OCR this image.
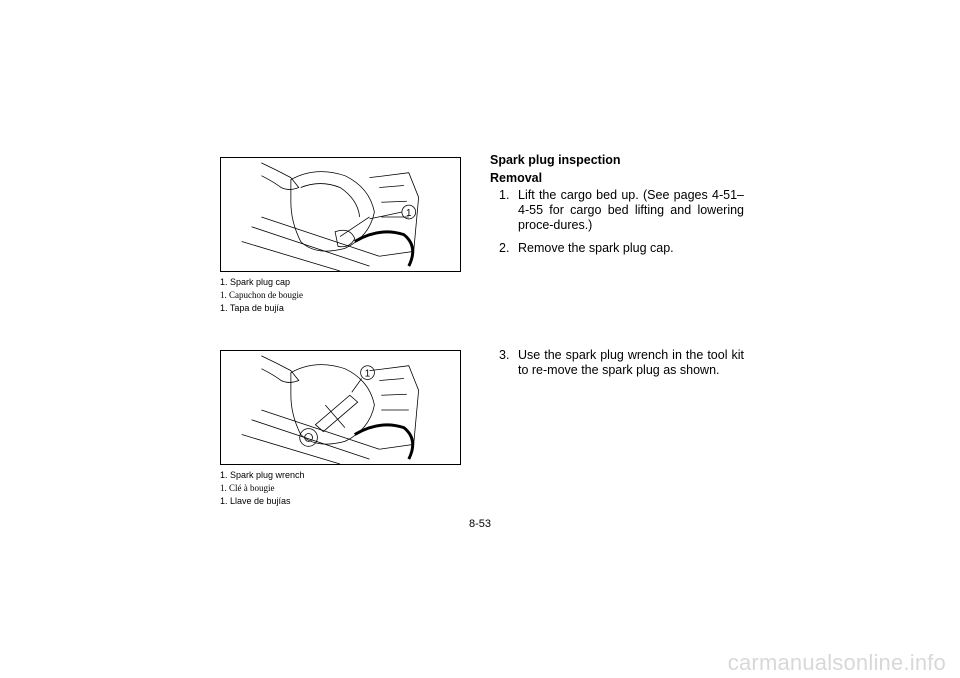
1
1. Spark plug cap
1. Capuchon de bougie
1. Tapa de bujía
1
1. Spark plug wrench
1. Clé à bougie
1. Llave de bujías
Spark plug inspection
Removal
1. Lift the cargo bed up. (See pages 4-51–4-55 for cargo bed lifting and lowering proce-dures.)
2. Remove the spark plug cap.
3. Use the spark plug wrench in the tool kit to re-move the spark plug as shown.
8-53
carmanualsonline.info
